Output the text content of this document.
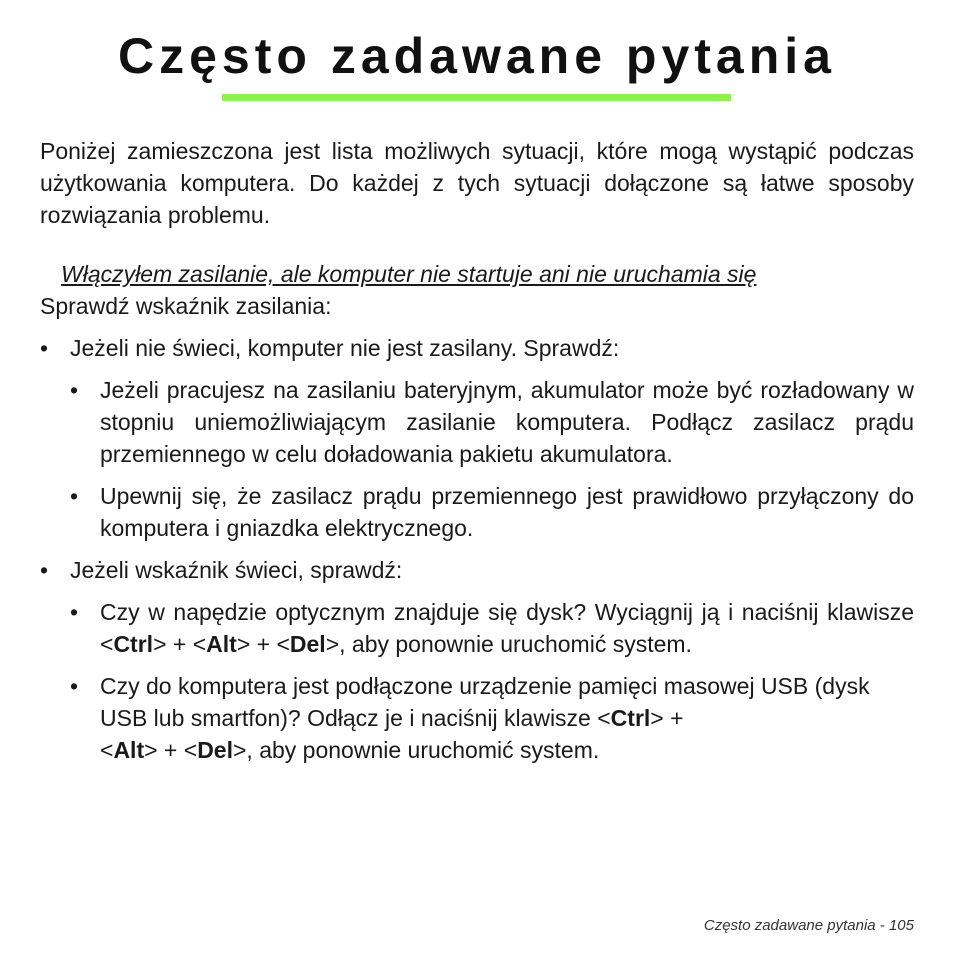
Często zadawane pytania

Poniżej zamieszczona jest lista możliwych sytuacji, które mogą wystąpić podczas użytkowania komputera. Do każdej z tych sytuacji dołączone są łatwe sposoby rozwiązania problemu.

Włączyłem zasilanie, ale komputer nie startuje ani nie uruchamia się

Sprawdź wskaźnik zasilania:

• Jeżeli nie świeci, komputer nie jest zasilany. Sprawdź:
• Jeżeli pracujesz na zasilaniu bateryjnym, akumulator może być rozładowany w stopniu uniemożliwiającym zasilanie komputera. Podłącz zasilacz prądu przemiennego w celu doładowania pakietu akumulatora.
• Upewnij się, że zasilacz prądu przemiennego jest prawidłowo przyłączony do komputera i gniazdka elektrycznego.
• Jeżeli wskaźnik świeci, sprawdź:
• Czy w napędzie optycznym znajduje się dysk? Wyciągnij ją i naciśnij klawisze <Ctrl> + <Alt> + <Del>, aby ponownie uruchomić system.
• Czy do komputera jest podłączone urządzenie pamięci masowej USB (dysk USB lub smartfon)? Odłącz je i naciśnij klawisze <Ctrl> +
<Alt> + <Del>, aby ponownie uruchomić system.
Często zadawane pytania - 105
